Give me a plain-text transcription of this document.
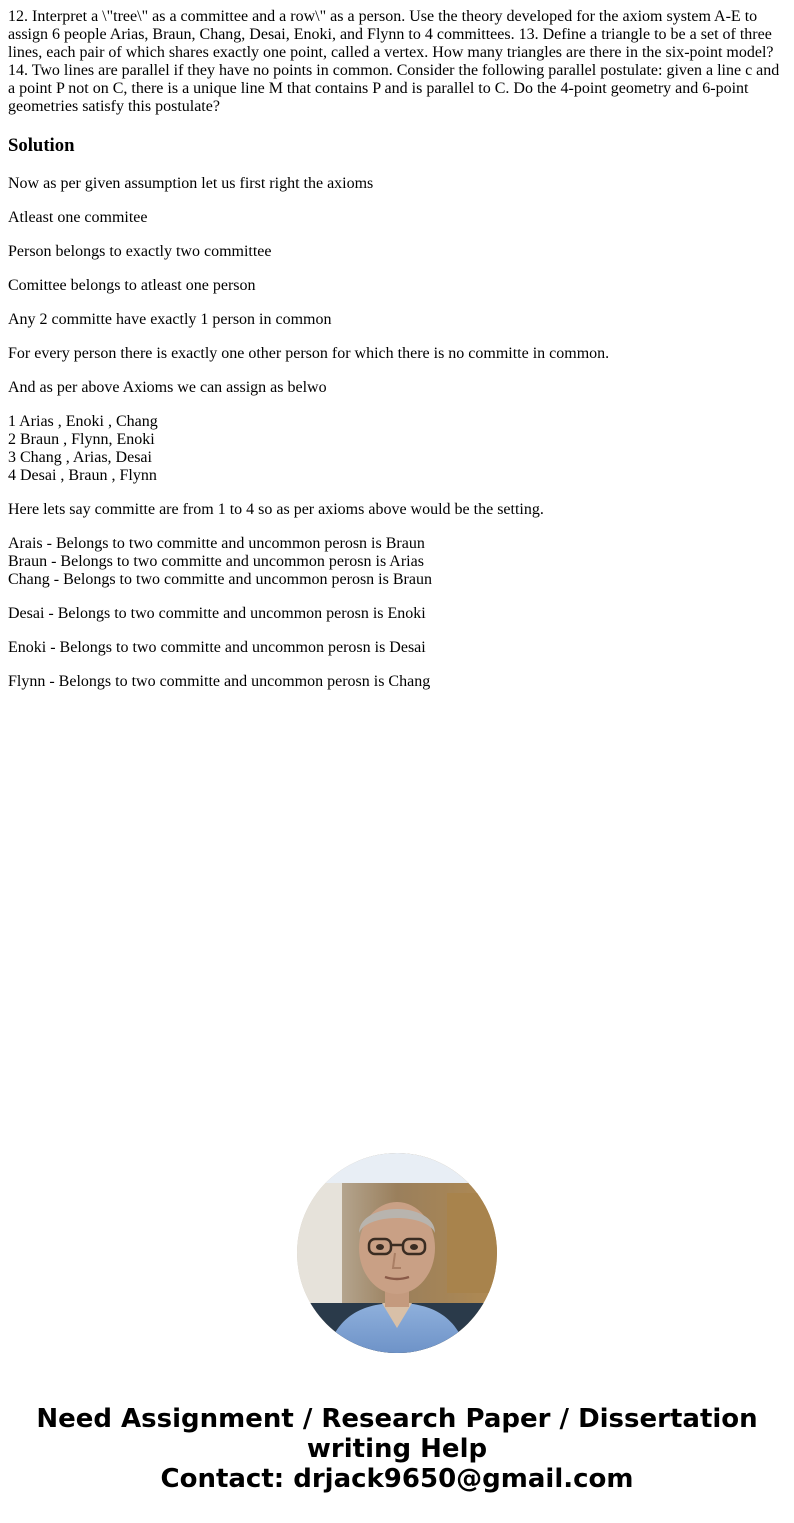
12. Interpret a \"tree\" as a committee and a row\" as a person. Use the theory developed for the axiom system A-E to assign 6 people Arias, Braun, Chang, Desai, Enoki, and Flynn to 4 committees. 13. Define a triangle to be a set of three lines, each pair of which shares exactly one point, called a vertex. How many triangles are there in the six-point model? 14. Two lines are parallel if they have no points in common. Consider the following parallel postulate: given a line c and a point P not on C, there is a unique line M that contains P and is parallel to C. Do the 4-point geometry and 6-point geometries satisfy this postulate?

Solution

Now as per given assumption let us first right the axioms

Atleast one commitee

Person belongs to exactly two committee

Comittee belongs to atleast one person

Any 2 committe have exactly 1 person in common

For every person there is exactly one other person for which there is no committe in common.

And as per above Axioms we can assign as belwo

1 Arias , Enoki , Chang
2 Braun , Flynn, Enoki
3 Chang , Arias, Desai
4 Desai , Braun , Flynn

Here lets say committe are from 1 to 4 so as per axioms above would be the setting.

Arais - Belongs to two committe and uncommon perosn is Braun
Braun - Belongs to two committe and uncommon perosn is Arias
Chang - Belongs to two committe and uncommon perosn is Braun

Desai - Belongs to two committe and uncommon perosn is Enoki

Enoki - Belongs to two committe and uncommon perosn is Desai

Flynn - Belongs to two committe and uncommon perosn is Chang

Need Assignment / Research Paper / Dissertation
writing Help
Contact: drjack9650@gmail.com
